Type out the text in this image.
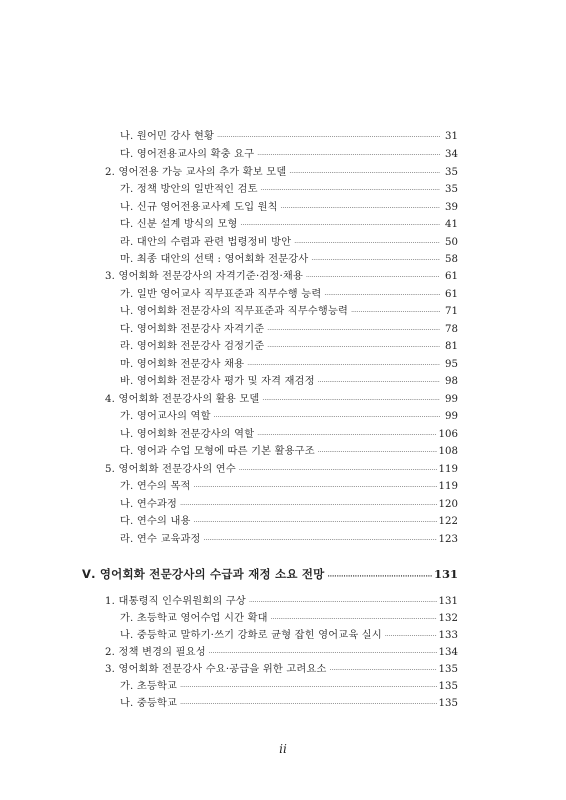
나. 원어민 강사 현황 ·····	31
다. 영어전용교사의 확충 요구 ·····	34
2. 영어전용 가능 교사의 추가 확보 모델 ·····	35
가. 정책 방안의 일반적인 검토 ·····	35
나. 신규 영어전용교사제 도입 원칙 ·····	39
다. 신분 설계 방식의 모형 ·····	41
라. 대안의 수렴과 관련 법령정비 방안 ·····	50
마. 최종 대안의 선택 : 영어회화 전문강사 ·····	58
3. 영어회화 전문강사의 자격기준·검정·채용 ·····	61
가. 일반 영어교사 직무표준과 직무수행 능력 ·····	61
나. 영어회화 전문강사의 직무표준과 직무수행능력 ·····	71
다. 영어회화 전문강사 자격기준 ·····	78
라. 영어회화 전문강사 검정기준 ·····	81
마. 영어회화 전문강사 채용 ·····	95
바. 영어회화 전문강사 평가 및 자격 재검정 ·····	98
4. 영어회화 전문강사의 활용 모델 ·····	99
가. 영어교사의 역할 ·····	99
나. 영어회화 전문강사의 역할 ·····	106
다. 영어과 수업 모형에 따른 기본 활용구조 ·····	108
5. 영어회화 전문강사의 연수 ·····	119
가. 연수의 목적 ·····	119
나. 연수과정 ·····	120
다. 연수의 내용 ·····	122
라. 연수 교육과정 ·····	123
Ⅴ. 영어회화 전문강사의 수급과 재정 소요 전망 ·····	131
1. 대통령직 인수위원회의 구상 ·····	131
가. 초등학교 영어수업 시간 확대 ·····	132
나. 중등학교 말하기·쓰기 강화로 균형 잡힌 영어교육 실시 ·····	133
2. 정책 변경의 필요성 ·····	134
3. 영어회화 전문강사 수요·공급을 위한 고려요소 ·····	135
가. 초등학교 ·····	135
나. 중등학교 ·····	135
ii
